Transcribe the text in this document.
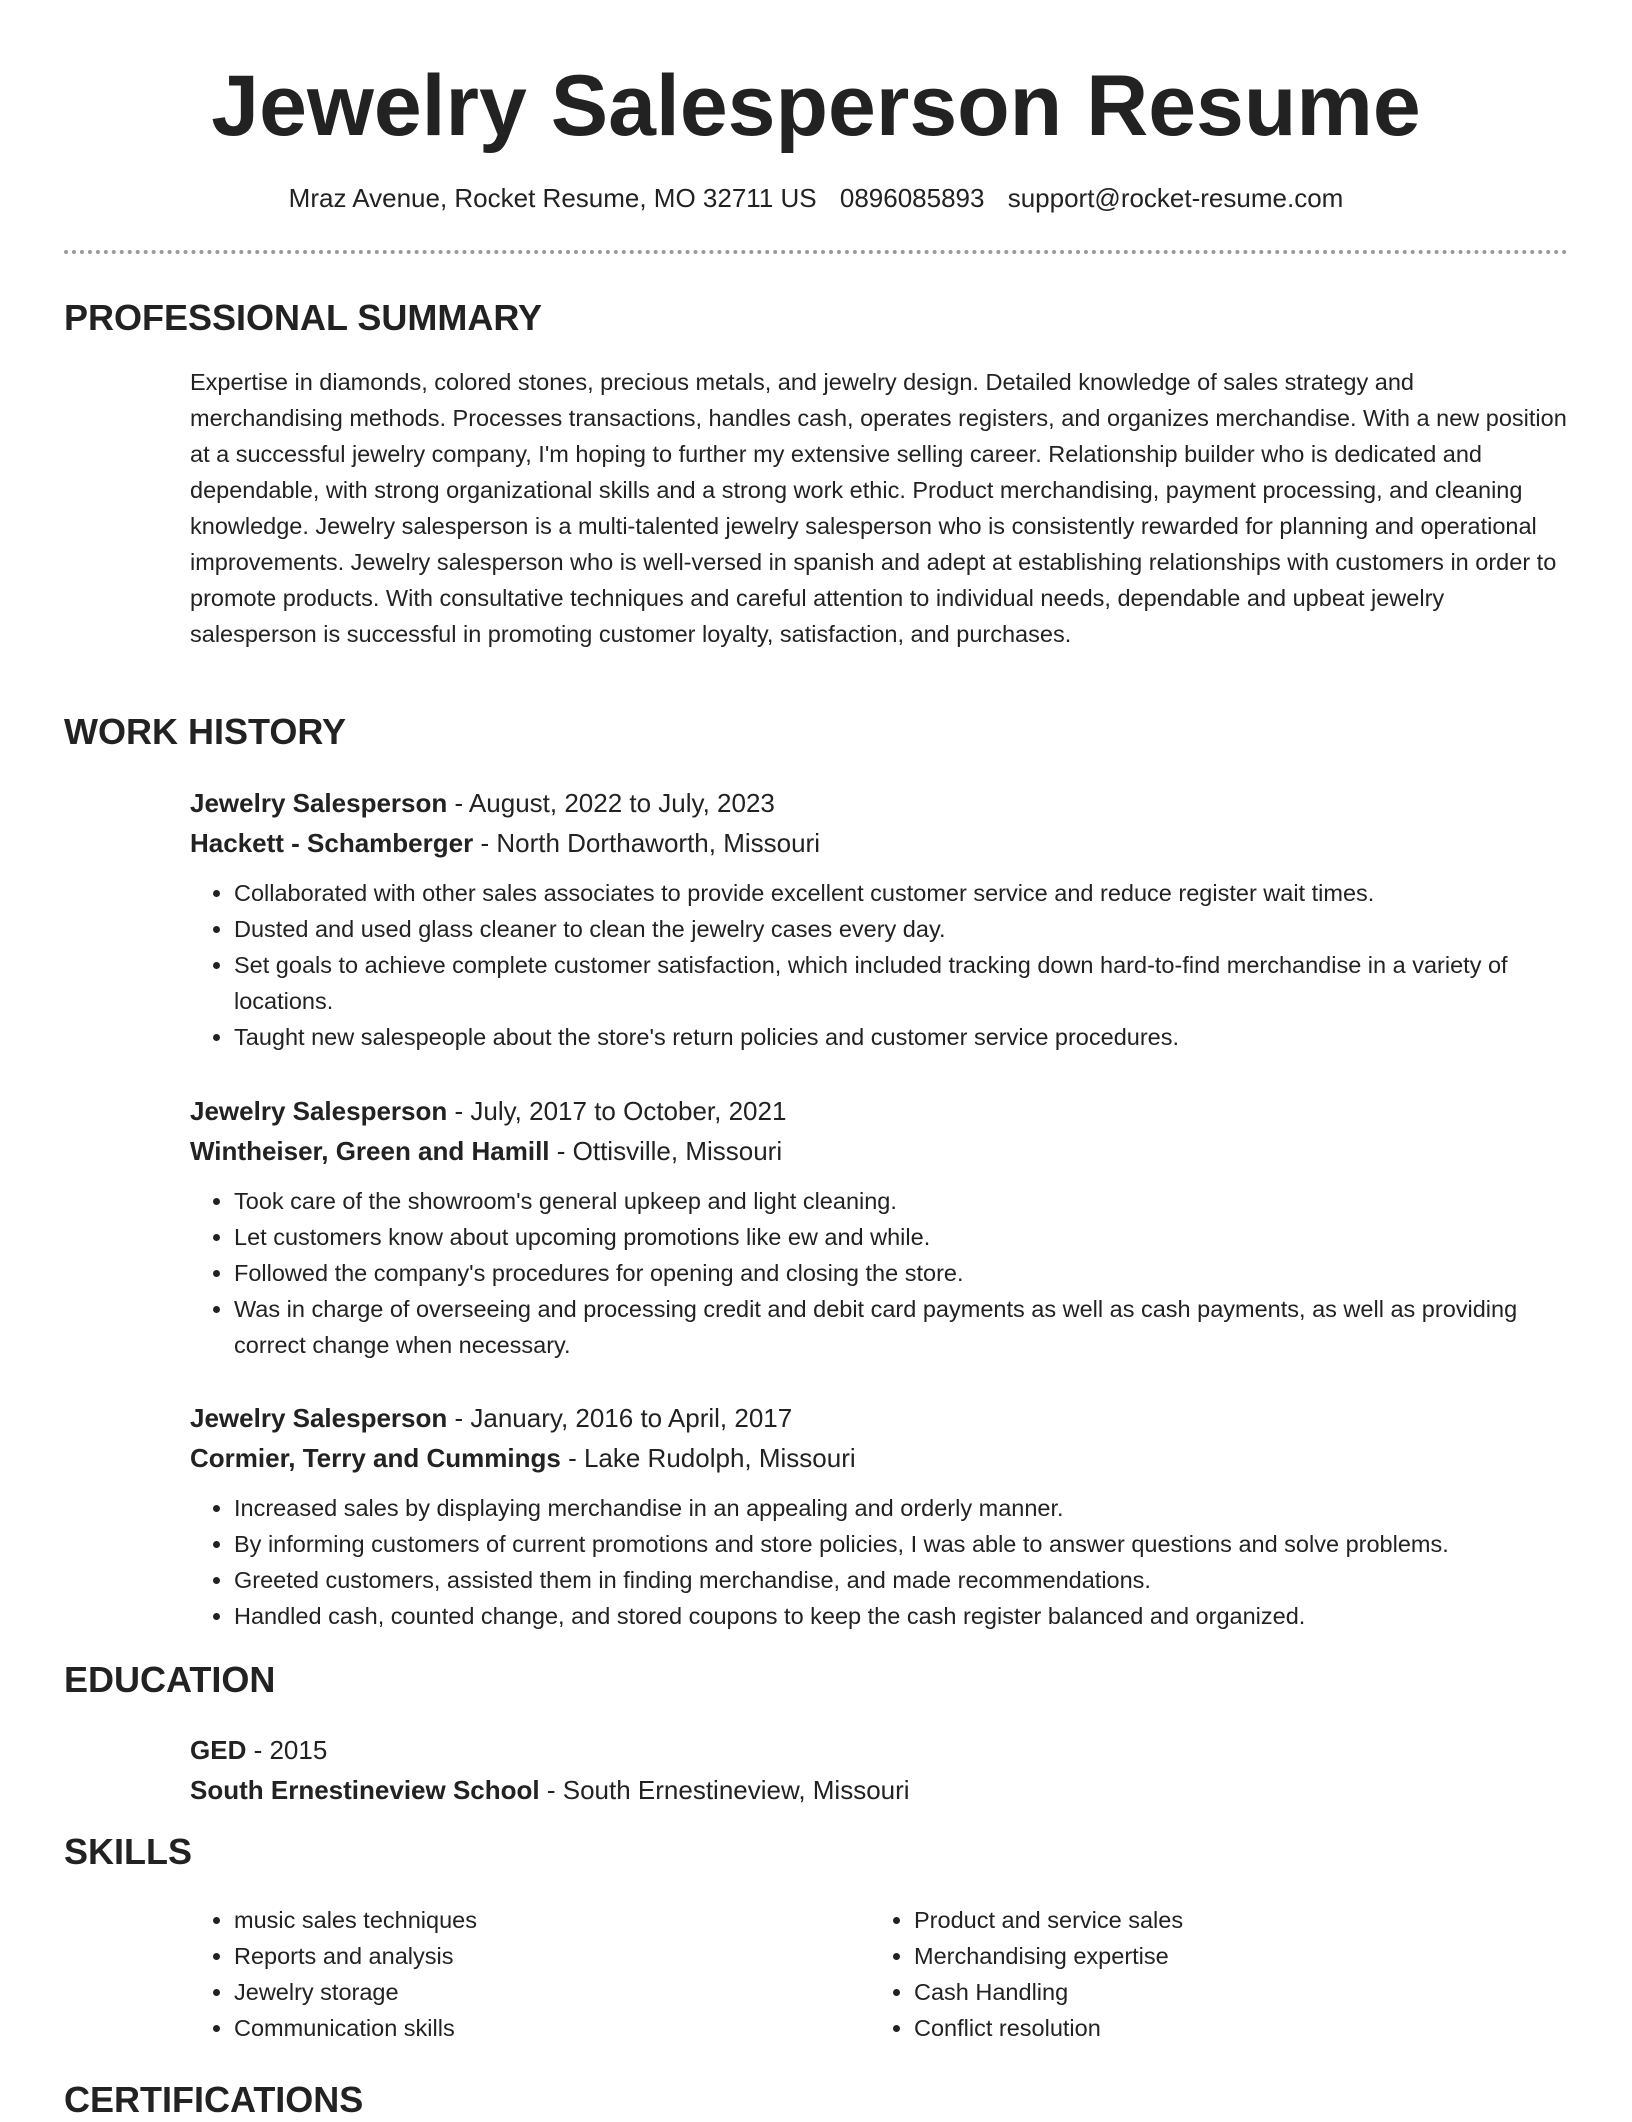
Jewelry Salesperson Resume
Mraz Avenue, Rocket Resume, MO 32711 US 0896085893 support@rocket-resume.com
PROFESSIONAL SUMMARY

Expertise in diamonds, colored stones, precious metals, and jewelry design. Detailed knowledge of sales strategy and merchandising methods. Processes transactions, handles cash, operates registers, and organizes merchandise. With a new position at a successful jewelry company, I'm hoping to further my extensive selling career. Relationship builder who is dedicated and dependable, with strong organizational skills and a strong work ethic. Product merchandising, payment processing, and cleaning knowledge. Jewelry salesperson is a multi-talented jewelry salesperson who is consistently rewarded for planning and operational improvements. Jewelry salesperson who is well-versed in spanish and adept at establishing relationships with customers in order to promote products. With consultative techniques and careful attention to individual needs, dependable and upbeat jewelry salesperson is successful in promoting customer loyalty, satisfaction, and purchases.

WORK HISTORY

Jewelry Salesperson - August, 2022 to July, 2023

Hackett - Schamberger - North Dorthaworth, Missouri

• Collaborated with other sales associates to provide excellent customer service and reduce register wait times.
• Dusted and used glass cleaner to clean the jewelry cases every day.
• Set goals to achieve complete customer satisfaction, which included tracking down hard-to-find merchandise in a variety of locations.
• Taught new salespeople about the store's return policies and customer service procedures.

Jewelry Salesperson - July, 2017 to October, 2021

Wintheiser, Green and Hamill - Ottisville, Missouri

• Took care of the showroom's general upkeep and light cleaning.
• Let customers know about upcoming promotions like ew and while.
• Followed the company's procedures for opening and closing the store.
• Was in charge of overseeing and processing credit and debit card payments as well as cash payments, as well as providing correct change when necessary.

Jewelry Salesperson - January, 2016 to April, 2017

Cormier, Terry and Cummings - Lake Rudolph, Missouri

• Increased sales by displaying merchandise in an appealing and orderly manner.
• By informing customers of current promotions and store policies, I was able to answer questions and solve problems.
• Greeted customers, assisted them in finding merchandise, and made recommendations.
• Handled cash, counted change, and stored coupons to keep the cash register balanced and organized.
EDUCATION

GED - 2015

South Ernestineview School - South Ernestineview, Missouri

SKILLS
• music sales techniques
• Reports and analysis
• Jewelry storage
• Communication skills
• Product and service sales
• Merchandising expertise
• Cash Handling
• Conflict resolution
CERTIFICATIONS
